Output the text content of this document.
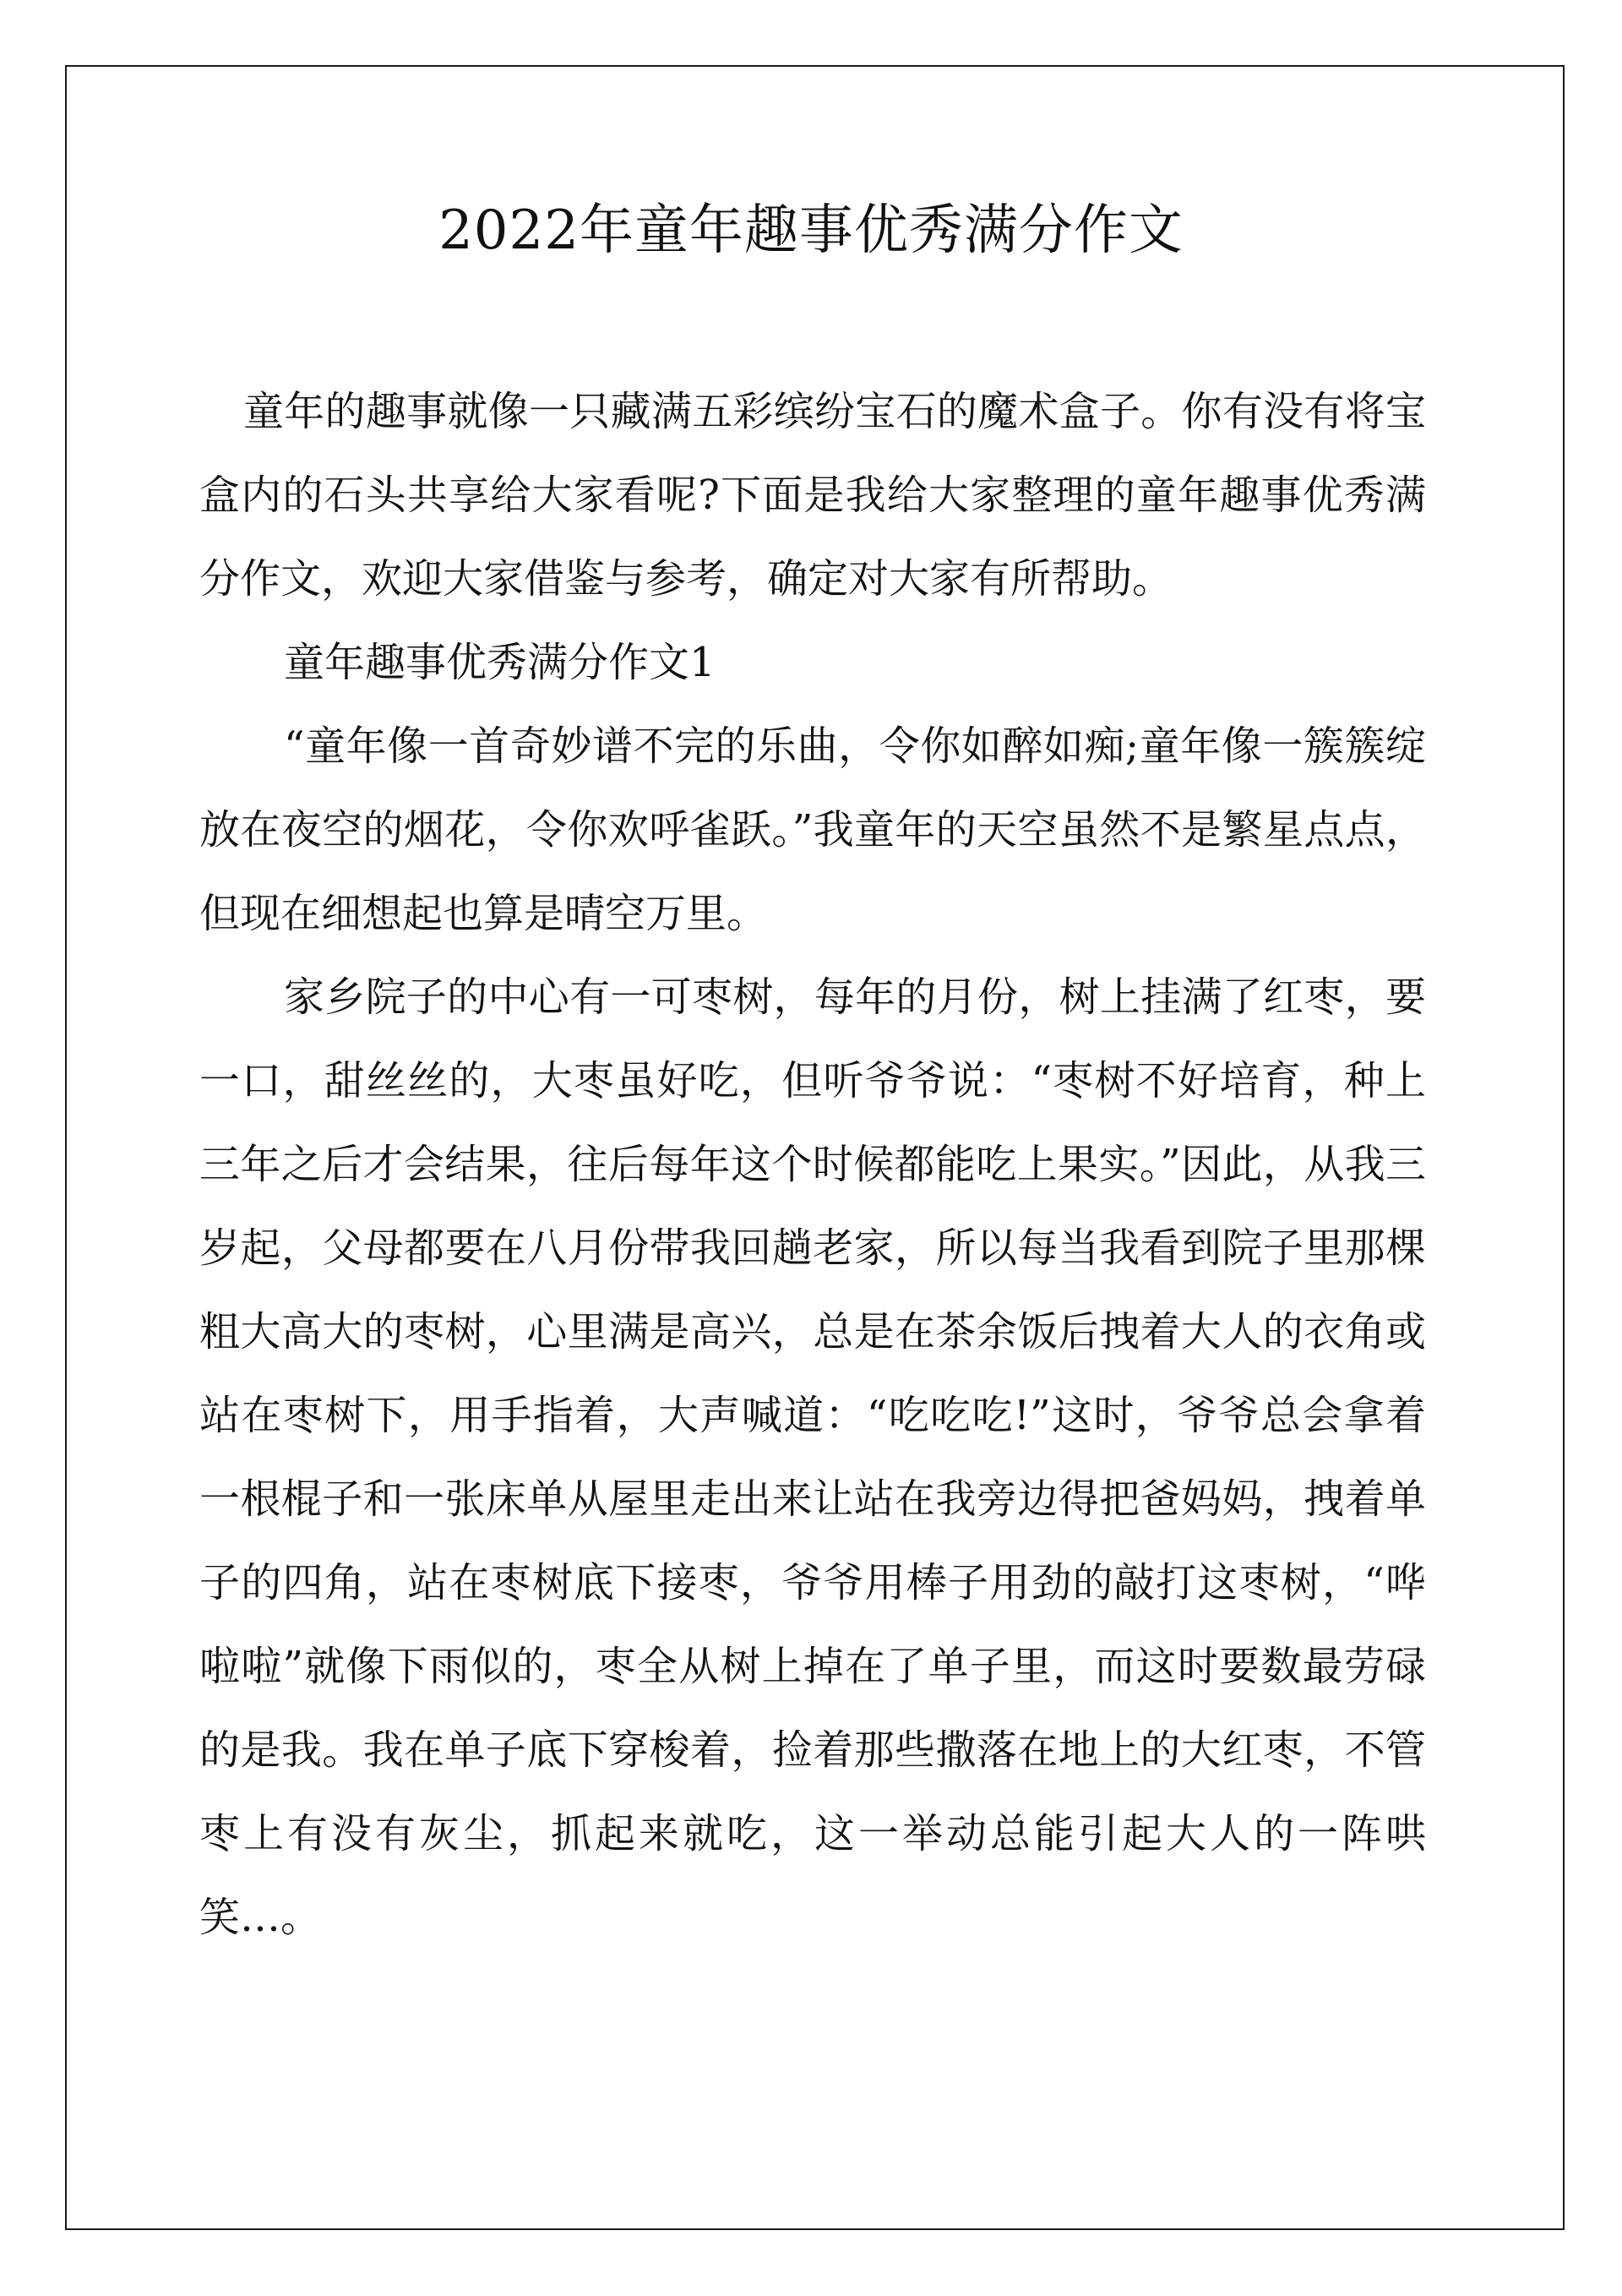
2022年童年趣事优秀满分作文

童年的趣事就像一只藏满五彩缤纷宝石的魔术盒子。你有没有将宝盒内的石头共享给大家看呢?下面是我给大家整理的童年趣事优秀满分作文，欢迎大家借鉴与参考，确定对大家有所帮助。

童年趣事优秀满分作文1

“童年像一首奇妙谱不完的乐曲，令你如醉如痴;童年像一簇簇绽放在夜空的烟花，令你欢呼雀跃。”我童年的天空虽然不是繁星点点，但现在细想起也算是晴空万里。

家乡院子的中心有一可枣树，每年的月份，树上挂满了红枣，要一口，甜丝丝的，大枣虽好吃，但听爷爷说：“枣树不好培育，种上三年之后才会结果，往后每年这个时候都能吃上果实。”因此，从我三岁起，父母都要在八月份带我回趟老家，所以每当我看到院子里那棵粗大高大的枣树，心里满是高兴，总是在茶余饭后拽着大人的衣角或站在枣树下，用手指着，大声喊道：“吃吃吃!”这时，爷爷总会拿着一根棍子和一张床单从屋里走出来让站在我旁边得把爸妈妈，拽着单子的四角，站在枣树底下接枣，爷爷用棒子用劲的敲打这枣树，“哗啦啦”就像下雨似的，枣全从树上掉在了单子里，而这时要数最劳碌的是我。我在单子底下穿梭着，捡着那些撒落在地上的大红枣，不管枣上有没有灰尘，抓起来就吃，这一举动总能引起大人的一阵哄笑…。
